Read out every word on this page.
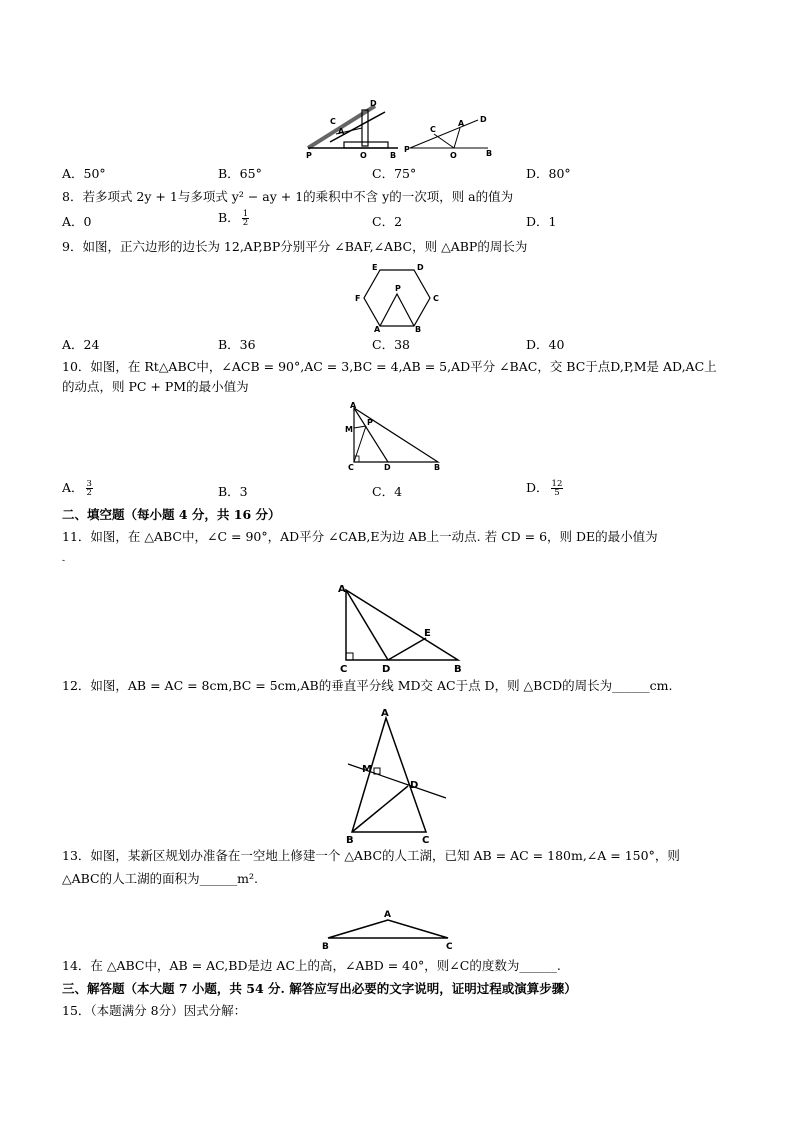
D
C
A
P	O	B
C
A D
P
O	B
A．50°	B．65°	C．75°	D．80°
8．若多项式 2y + 1与多项式 y² − ay + 1的乘积中不含 y的一次项，则 a的值为
A．0	B． $\frac{1}{2}$	C．2	D．1
9．如图，正六边形的边长为 12,AP,BP分别平分 ∠BAF,∠ABC，则 △ABP的周长为
E	D
F
P
C
A	B
A．24	B．36	C．38	D．40
10．如图，在 Rt△ABC中，∠ACB = 90°,AC = 3,BC = 4,AB = 5,AD平分 ∠BAC，交 BC于点D,P,M是 AD,AC上
的动点，则 PC + PM的最小值为
A
M
P
C	D	B
A． $\frac{3}{2}$	B．3	C．4	D． $\frac{12}{5}$
二、填空题（每小题 4 分，共 16 分）
11．如图，在 △ABC中，∠C = 90°，AD平分 ∠CAB,E为边 AB上一动点. 若 CD = 6，则 DE的最小值为
-
A
E
C	D	B
12．如图，AB = AC = 8cm,BC = 5cm,AB的垂直平分线 MD交 AC于点 D，则 △BCD的周长为______cm.
A
M
D
B	C
13．如图，某新区规划办准备在一空地上修建一个 △ABC的人工湖，已知 AB = AC = 180m,∠A = 150°，则
△ABC的人工湖的面积为______m².
A
B	C
14．在 △ABC中，AB = AC,BD是边 AC上的高，∠ABD = 40°，则∠C的度数为______.
三、解答题（本大题 7 小题，共 54 分. 解答应写出必要的文字说明，证明过程或演算步骤）
15．（本题满分 8分）因式分解：
